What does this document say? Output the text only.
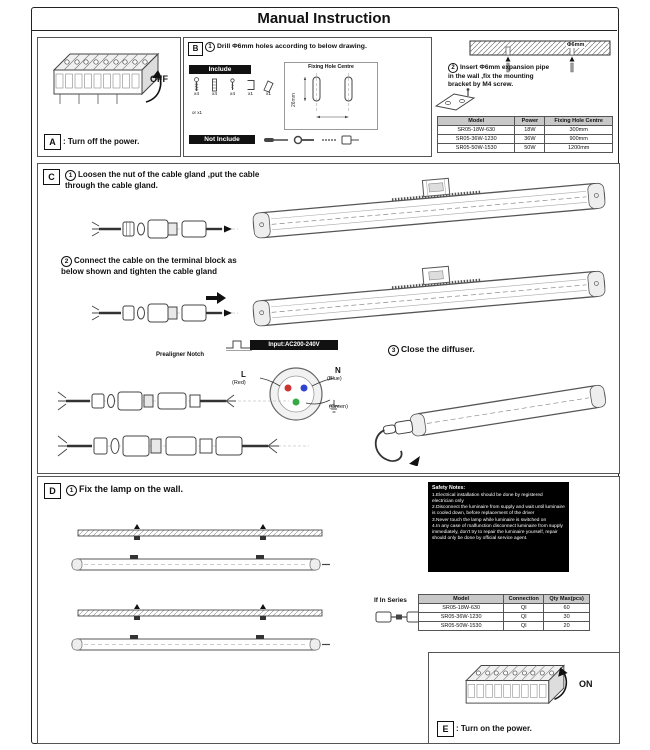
Manual Instruction
OFF
A : Turn off the power.
B	1 Drill Φ6mm holes according to below drawing.
Include
x4	x4	x4	x1	x1
or x1
Fixing Hole Centre
26mm
Not Include
Φ6mm
2 Insert Φ6mm expansion pipe in the wall ,fix the mounting bracket by M4 screw.
Model	Power	Fixing Hole Centre
SR05-18W-630	18W	300mm
SR05-36W-1230	36W	900mm
SR05-50W-1530	50W	1200mm
C	1 Loosen the nut of the cable gland ,put the cable through the cable gland.
2 Connect the cable on the terminal block as below shown and tighten the cable gland
Prealigner Notch
Input:AC200-240V
L
(Red)
N
(Blue)
(Green)
3 Close the diffuser.
D	1 Fix the lamp on the wall.	Safety Notes:
1.Electrical installation should be done by registered electrician only
2.Disconnect the luminaire from supply and wait until luminaire is cooled down, before replacement of the driver
3.Never touch the lamp while luminaire is switched on
4.In any case of malfunction disconnect luminaire from supply immediately, don't try to repair the luminaire yourself, repair should only be done by official service agent.
If In Series	Model	Connection	Qty Max(pcs)
SR05-18W-630	QI	60
SR05-36W-1230	QI	30
SR05-50W-1530	QI	20
ON
E : Turn on the power.
